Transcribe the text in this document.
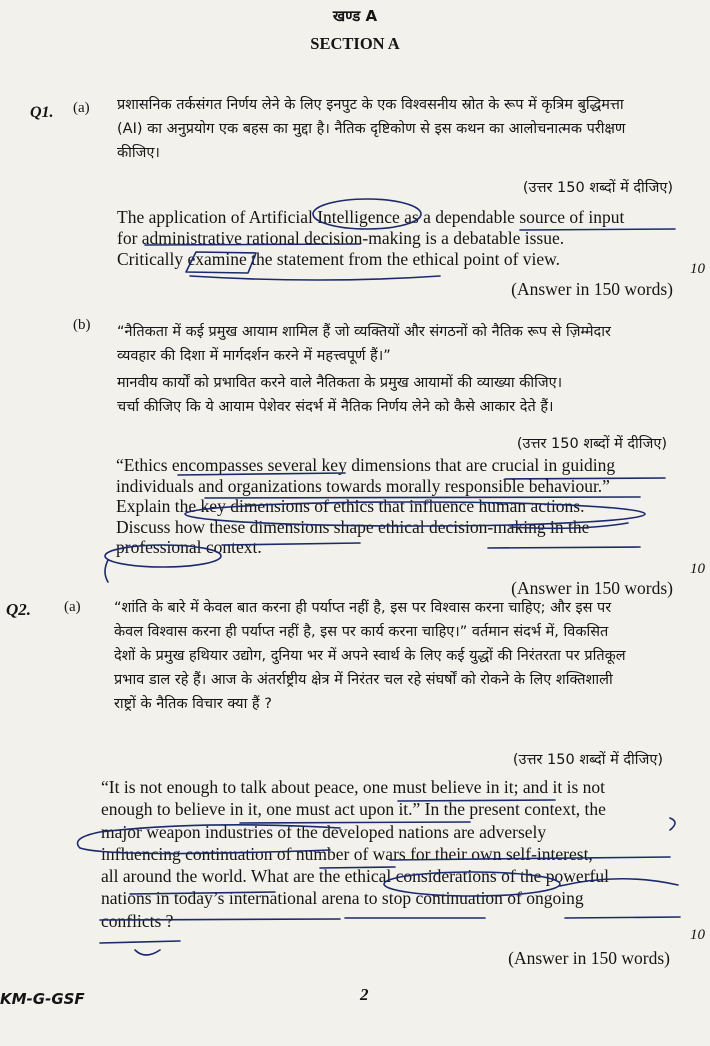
खण्ड A
SECTION A
Q1. (a) प्रशासनिक तर्कसंगत निर्णय लेने के लिए इनपुट के एक विश्वसनीय स्रोत के रूप में कृत्रिम बुद्धिमत्ता
(AI) का अनुप्रयोग एक बहस का मुद्दा है। नैतिक दृष्टिकोण से इस कथन का आलोचनात्मक परीक्षण
कीजिए।
(उत्तर 150 शब्दों में दीजिए)
The application of Artificial Intelligence as a dependable source of input
for administrative rational decision-making is a debatable issue.
Critically examine the statement from the ethical point of view.	10
(Answer in 150 words)
(b) “नैतिकता में कई प्रमुख आयाम शामिल हैं जो व्यक्तियों और संगठनों को नैतिक रूप से ज़िम्मेदार
व्यवहार की दिशा में मार्गदर्शन करने में महत्त्वपूर्ण हैं।”
मानवीय कार्यों को प्रभावित करने वाले नैतिकता के प्रमुख आयामों की व्याख्या कीजिए।
चर्चा कीजिए कि ये आयाम पेशेवर संदर्भ में नैतिक निर्णय लेने को कैसे आकार देते हैं।
(उत्तर 150 शब्दों में दीजिए)
“Ethics encompasses several key dimensions that are crucial in guiding
individuals and organizations towards morally responsible behaviour.”
Explain the key dimensions of ethics that influence human actions.
Discuss how these dimensions shape ethical decision-making in the
professional context.
10
(Answer in 150 words)
Q2. (a) “शांति के बारे में केवल बात करना ही पर्याप्त नहीं है, इस पर विश्वास करना चाहिए; और इस पर
केवल विश्वास करना ही पर्याप्त नहीं है, इस पर कार्य करना चाहिए।” वर्तमान संदर्भ में, विकसित
देशों के प्रमुख हथियार उद्योग, दुनिया भर में अपने स्वार्थ के लिए कई युद्धों की निरंतरता पर प्रतिकूल
प्रभाव डाल रहे हैं। आज के अंतर्राष्ट्रीय क्षेत्र में निरंतर चल रहे संघर्षों को रोकने के लिए शक्तिशाली
राष्ट्रों के नैतिक विचार क्या हैं ?
(उत्तर 150 शब्दों में दीजिए)
“It is not enough to talk about peace, one must believe in it; and it is not
enough to believe in it, one must act upon it.” In the present context, the
major weapon industries of the developed nations are adversely
influencing continuation of number of wars for their own self-interest,
all around the world. What are the ethical considerations of the powerful
nations in today’s international arena to stop continuation of ongoing
conflicts ?
10
(Answer in 150 words)
KM-G-GSF	2
